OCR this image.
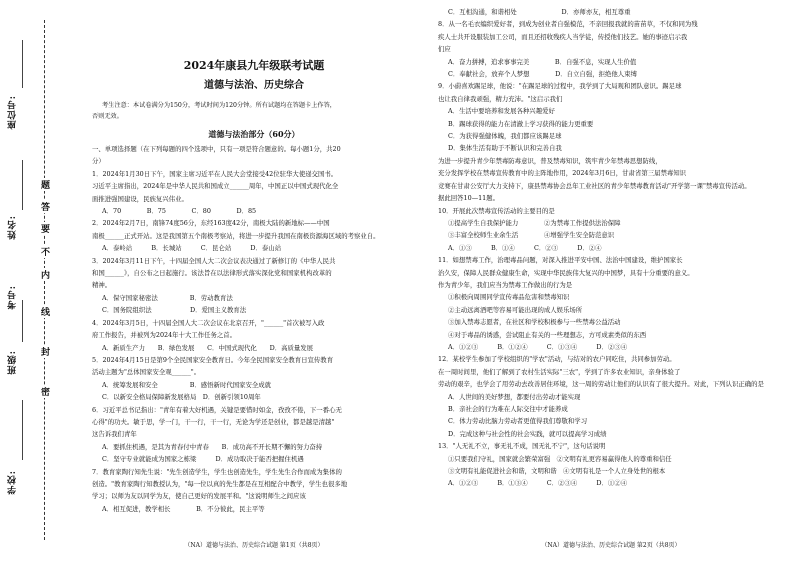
学校:
班级:
姓名:
考号:
座位号:
密
封
线
内
不
要
答
题
2024年康县九年级联考试题
道德与法治、历史综合
考生注意：本试卷满分为150分，考试时间为120分钟。所有试题均在答题卡上作答，
否则无效。
道德与法治部分（60分）
一、单项选择题（在下列每题的四个选项中，只有一项是符合题意的。每小题1分，共20
分）
1．2024年1月30日下午，国家主席习近平在人民大会堂接受42位驻华大使递交国书。
习近平主席指出，2024年是中华人民共和国成立______周年，中国正以中国式现代化全
面推进强国建设，民族复兴伟业。
A．70　　　　B．75　　　　C．80　　　　D．85
2．2024年2月7日，南锋74度56分，东经163度42分，南极大陆的新地标——中国
南极______正式开站。这是我国第五个南极考察站，将进一步提升我国在南极资源海区域的考察业自。
A．泰岭站　　　B．长城站　　　C．昆仑站　　　D．泰山站
3．2024年3月11日下午，十四届全国人大二次会议表决通过了新修订的《中华人民共
和国______》，自公布之日起施行。该法旨在以法律形式落实深化党和国家机构改革的
精神。
A．保守国家秘密法　　　　　B．劳动教育法
C．国务院组织法　　　　　　D．爱国主义教育法
4．2024年3月5日，十四届全国人大二次会议在北京召开，"______"首次被写入政
府工作报告，并被列为2024年十大工作任务之首。
A．新质生产力　　B．绿色发展　　C．中国式现代化　　D．高质量发展
5．2024年4月15日是第9个全民国家安全教育日。今年全民国家安全教育日宣传教育
活动主题为"总体国家安全观______"。
A．统筹发展和安全　　　　　B．感悟新时代国家安全成就
C．以新安全格局保障新发展格局　D．创新引领10周年
6．习近平总书记指出："青年有着大好机遇，关键是要惜时如金，孜孜不倦，下一番心无
心得"的功夫。敏于思，学一门，干一行，干一行，无论为学还是创业，都是越是清越"
这告诉我们青年
A．要抓住机遇，是其为青春付中青春　　B．成功高不开长期不懈的努力奋持
C．坚守专业就能成为国家之栋梁　　　D．成功取决于能否把握住机遇
7．教育家陶行知先生说："先生创造学生，学生也创造先生，学生先生合作而成为集体的
创造。"教育家陶行知教授认为，"每一位以真的先生都是在互相配合中教学，学生也很多地
学习；以师为友以同学为友，使自己更好的发展平和。"这说明师生之间应该
A．相互促进，教学相长　　　　B．不分彼此，民主平等
（NA）道德与法治、历史综合试题 第1页（共8页）
C．互相沟通，和谐相处　　　　　　　D．亦师亦友，相互尊重
8．从一名毛衣编织爱好者，到成为创业者自强模范，不亲回报我就的苗苗草，不仅和同为残
疾人士共开设服装加工公司，而且还招收残疾人当学徒，传授他们技艺。她的事迹启示我
们应
A．奋力拼搏，追求事事完美　　　　B．自强不息，实现人生价值
C．奉献社会，放弃个人梦想　　　　D．自立自强，拒绝他人束缚
9．小蔚喜欢踢足球，他说："在踢足球的过程中，我学到了大局观和团队意识。踢足球
也让我自律我顽强，精力充沛。"这启示我们
A．生活中要培养和发展各种兴趣爱好
B．踢球获得的能力在清澈上学习获得的能力更重要
C．为获得强健体魄，我们都应该踢足球
D．集体生活有助于不断认识和完善自我
为进一步提升青少年禁毒防毒意识，普及禁毒知识，筑牢青少年禁毒思想防线，
充分发挥学校在禁毒宣传教育中的主阵地作用，2024年3月6日，甘肃省第三届禁毒知识
竞赛在甘肃公安厅大力支持下，康县禁毒协会总年工业社区的青少年禁毒教育活动"开学第一课"禁毒宣传活动。
据此回答10—11题。
10．开展此次禁毒宣传活动的主要目的是
①提高学生自我保护能力　　　　②为禁毒工作提供法治保障
③丰富全校师生业余生活　　　　④增强学生安全防范意识
A．①③　　　B．①④　　　C．②③　　　D．②④
11．如想禁毒工作，治理毒品问题，对深入推进平安中国、法治中国建设，维护国家长
治久安，保障人民群众健康生命，实现中华民族伟大复兴的中国梦，具有十分重要的意义。
作为青少年，我们应当为禁毒工作做出的行为是
①积极向周围同学宣传毒品危害和禁毒知识
②主动远离酒吧等容易可能出现的成人娱乐场所
③加入禁毒志愿者，在社区和学校积极参与一些禁毒公益活动
④对于毒品的诱惑，尝试阻止有关的一些理想志，方可成素类似的东西
A．①②③　　　B．①②④　　　C．①③④　　　D．②③④
12．某校学生参加了学校组织的"学农"活动，与结对的农户同吃住，共同参加劳动。
在一周时间里，他们了解到了农村生活实际"三农"，学到了许多农业知识，亲身体验了
劳动的艰辛，也学会了用劳动去改善居住环境，这一周的劳动让他们的认识有了很大提升。对此，下列认识正确的是
A．人世间的美好梦想，都要付出劳动才能实现
B．亲社会的行为难在人际交往中才能养成
C．体力劳动比脑力劳动者更值得我们尊敬和学习
D．完成这种与社会性的社会实践，就可以提高学习成绩
13．"人无礼不立，事无礼不成，国无礼不宁"，这句话说明
①只要我们守礼，国家就会繁荣富强　②文明有礼更容易赢得他人的尊重和信任
③文明有礼能促进社会和谐，文明和谐　④文明有礼是一个人立身处世的根本
A．①②③　　　B．①③④　　　C．②③④　　　D．①②④
（NA）道德与法治、历史综合试题 第2页（共8页）
